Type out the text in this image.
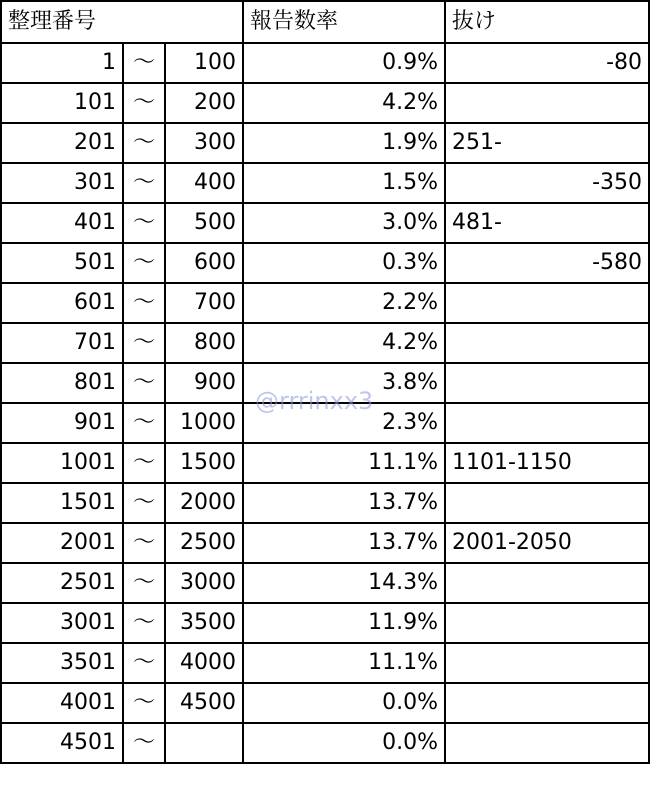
整理番号			報告数率	抜け
1	〜	100	0.9%	-80
101	〜	200	4.2%	
201	〜	300	1.9%	251-
301	〜	400	1.5%	-350
401	〜	500	3.0%	481-
501	〜	600	0.3%	-580
601	〜	700	2.2%	
701	〜	800	4.2%	
801	〜	900	3.8%	
901	〜	1000	2.3%	
1001	〜	1500	11.1%	1101-1150
1501	〜	2000	13.7%	
2001	〜	2500	13.7%	2001-2050
2501	〜	3000	14.3%	
3001	〜	3500	11.9%	
3501	〜	4000	11.1%	
4001	〜	4500	0.0%	
4501	〜		0.0%	
@rrrinxx3
